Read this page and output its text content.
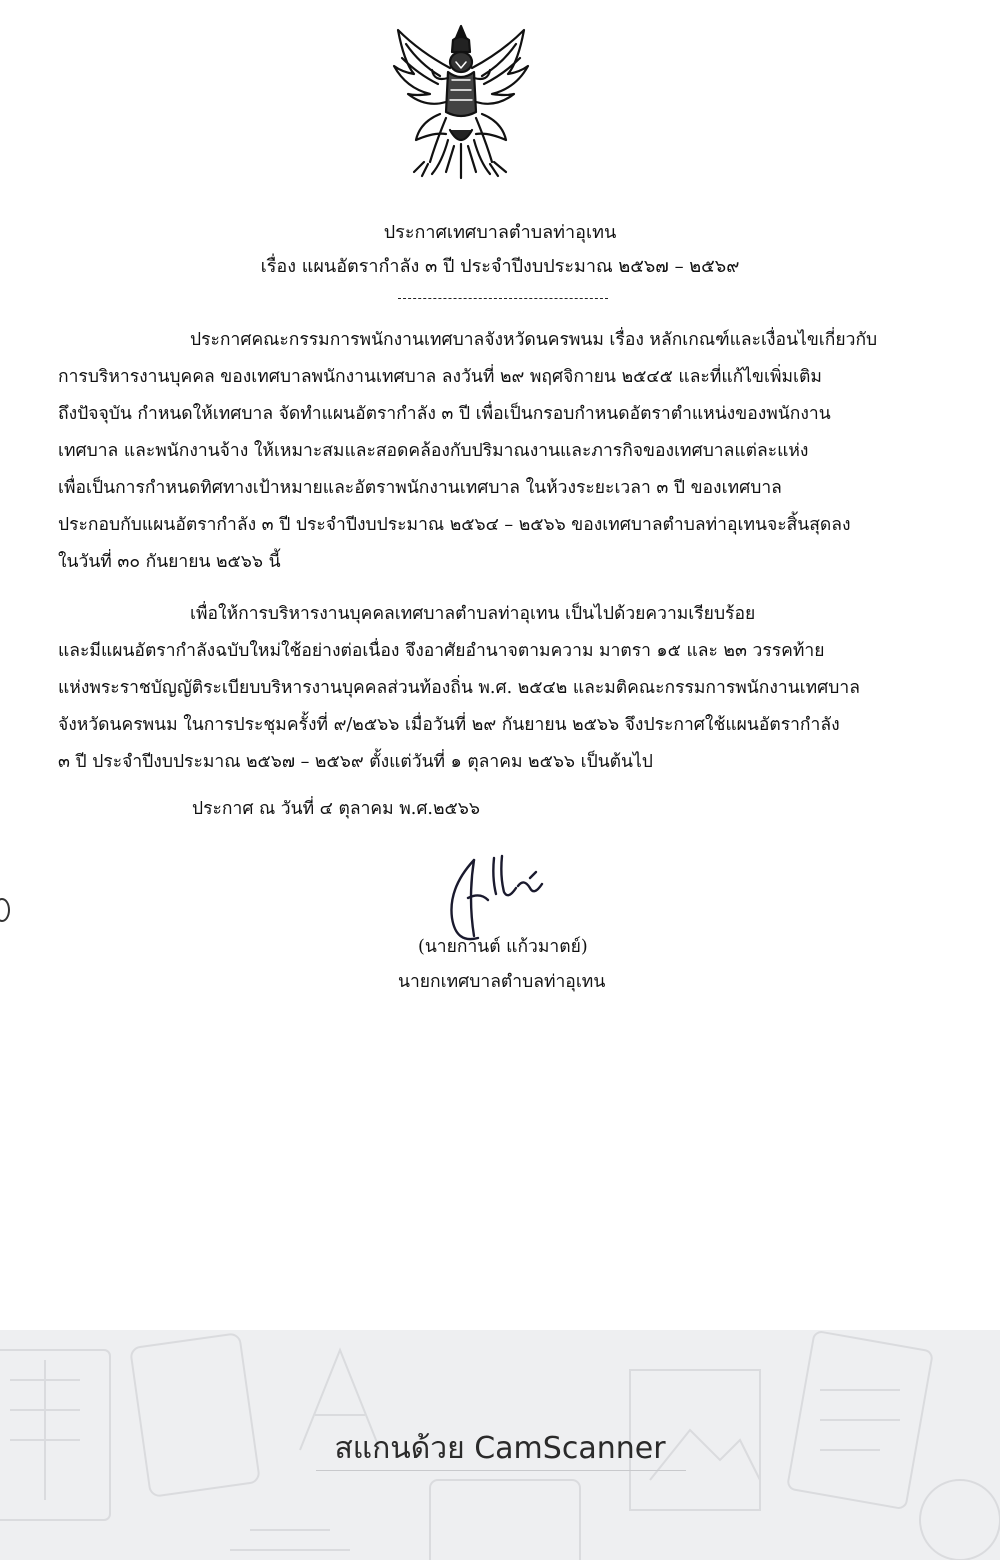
ประกาศเทศบาลตำบลท่าอุเทน
เรื่อง แผนอัตรากำลัง ๓ ปี ประจำปีงบประมาณ ๒๕๖๗ – ๒๕๖๙
ประกาศคณะกรรมการพนักงานเทศบาลจังหวัดนครพนม เรื่อง หลักเกณฑ์และเงื่อนไขเกี่ยวกับ
การบริหารงานบุคคล ของเทศบาลพนักงานเทศบาล ลงวันที่ ๒๙ พฤศจิกายน ๒๕๔๕ และที่แก้ไขเพิ่มเติม
ถึงปัจจุบัน กำหนดให้เทศบาล จัดทำแผนอัตรากำลัง ๓ ปี เพื่อเป็นกรอบกำหนดอัตราตำแหน่งของพนักงาน
เทศบาล และพนักงานจ้าง ให้เหมาะสมและสอดคล้องกับปริมาณงานและภารกิจของเทศบาลแต่ละแห่ง
เพื่อเป็นการกำหนดทิศทางเป้าหมายและอัตราพนักงานเทศบาล ในห้วงระยะเวลา ๓ ปี ของเทศบาล
ประกอบกับแผนอัตรากำลัง ๓ ปี ประจำปีงบประมาณ ๒๕๖๔ – ๒๕๖๖ ของเทศบาลตำบลท่าอุเทนจะสิ้นสุดลง
ในวันที่ ๓๐ กันยายน ๒๕๖๖ นี้
เพื่อให้การบริหารงานบุคคลเทศบาลตำบลท่าอุเทน เป็นไปด้วยความเรียบร้อย
และมีแผนอัตรากำลังฉบับใหม่ใช้อย่างต่อเนื่อง จึงอาศัยอำนาจตามความ มาตรา ๑๕ และ ๒๓ วรรคท้าย
แห่งพระราชบัญญัติระเบียบบริหารงานบุคคลส่วนท้องถิ่น พ.ศ. ๒๕๔๒ และมติคณะกรรมการพนักงานเทศบาล
จังหวัดนครพนม ในการประชุมครั้งที่ ๙/๒๕๖๖ เมื่อวันที่ ๒๙ กันยายน ๒๕๖๖ จึงประกาศใช้แผนอัตรากำลัง
๓ ปี ประจำปีงบประมาณ ๒๕๖๗ – ๒๕๖๙ ตั้งแต่วันที่ ๑ ตุลาคม ๒๕๖๖ เป็นต้นไป
ประกาศ ณ วันที่ ๔ ตุลาคม พ.ศ.๒๕๖๖
(นายกานต์ แก้วมาตย์)
นายกเทศบาลตำบลท่าอุเทน
สแกนด้วย CamScanner
